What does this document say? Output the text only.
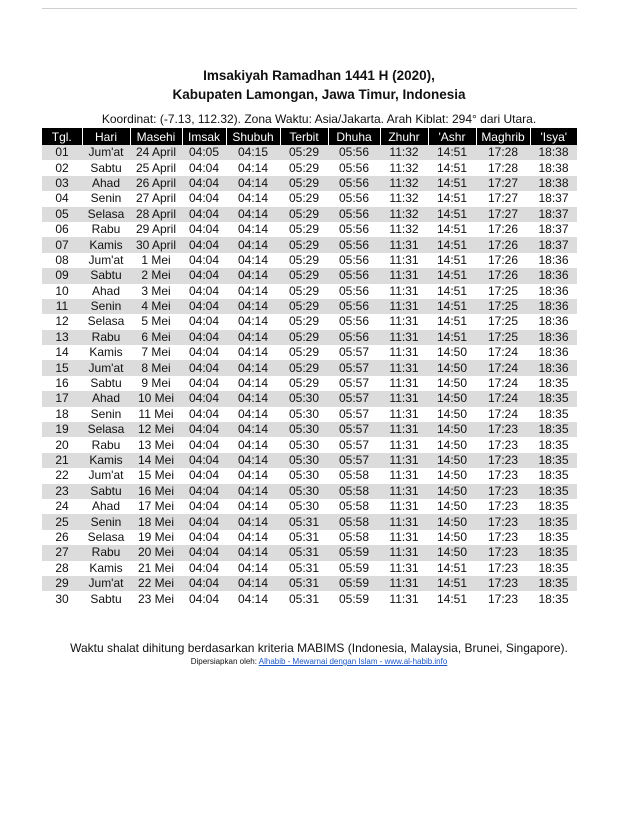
Imsakiyah Ramadhan 1441 H (2020),
Kabupaten Lamongan, Jawa Timur, Indonesia
Koordinat: (-7.13, 112.32). Zona Waktu: Asia/Jakarta. Arah Kiblat: 294° dari Utara.
Tgl.	Hari	Masehi	Imsak	Shubuh	Terbit	Dhuha	Zhuhr	'Ashr	Maghrib	'Isya'
01	Jum'at	24 April	04:05	04:15	05:29	05:56	11:32	14:51	17:28	18:38
02	Sabtu	25 April	04:04	04:14	05:29	05:56	11:32	14:51	17:28	18:38
03	Ahad	26 April	04:04	04:14	05:29	05:56	11:32	14:51	17:27	18:38
04	Senin	27 April	04:04	04:14	05:29	05:56	11:32	14:51	17:27	18:37
05	Selasa	28 April	04:04	04:14	05:29	05:56	11:32	14:51	17:27	18:37
06	Rabu	29 April	04:04	04:14	05:29	05:56	11:32	14:51	17:26	18:37
07	Kamis	30 April	04:04	04:14	05:29	05:56	11:31	14:51	17:26	18:37
08	Jum'at	1 Mei	04:04	04:14	05:29	05:56	11:31	14:51	17:26	18:36
09	Sabtu	2 Mei	04:04	04:14	05:29	05:56	11:31	14:51	17:26	18:36
10	Ahad	3 Mei	04:04	04:14	05:29	05:56	11:31	14:51	17:25	18:36
11	Senin	4 Mei	04:04	04:14	05:29	05:56	11:31	14:51	17:25	18:36
12	Selasa	5 Mei	04:04	04:14	05:29	05:56	11:31	14:51	17:25	18:36
13	Rabu	6 Mei	04:04	04:14	05:29	05:56	11:31	14:51	17:25	18:36
14	Kamis	7 Mei	04:04	04:14	05:29	05:57	11:31	14:50	17:24	18:36
15	Jum'at	8 Mei	04:04	04:14	05:29	05:57	11:31	14:50	17:24	18:36
16	Sabtu	9 Mei	04:04	04:14	05:29	05:57	11:31	14:50	17:24	18:35
17	Ahad	10 Mei	04:04	04:14	05:30	05:57	11:31	14:50	17:24	18:35
18	Senin	11 Mei	04:04	04:14	05:30	05:57	11:31	14:50	17:24	18:35
19	Selasa	12 Mei	04:04	04:14	05:30	05:57	11:31	14:50	17:23	18:35
20	Rabu	13 Mei	04:04	04:14	05:30	05:57	11:31	14:50	17:23	18:35
21	Kamis	14 Mei	04:04	04:14	05:30	05:57	11:31	14:50	17:23	18:35
22	Jum'at	15 Mei	04:04	04:14	05:30	05:58	11:31	14:50	17:23	18:35
23	Sabtu	16 Mei	04:04	04:14	05:30	05:58	11:31	14:50	17:23	18:35
24	Ahad	17 Mei	04:04	04:14	05:30	05:58	11:31	14:50	17:23	18:35
25	Senin	18 Mei	04:04	04:14	05:31	05:58	11:31	14:50	17:23	18:35
26	Selasa	19 Mei	04:04	04:14	05:31	05:58	11:31	14:50	17:23	18:35
27	Rabu	20 Mei	04:04	04:14	05:31	05:59	11:31	14:50	17:23	18:35
28	Kamis	21 Mei	04:04	04:14	05:31	05:59	11:31	14:51	17:23	18:35
29	Jum'at	22 Mei	04:04	04:14	05:31	05:59	11:31	14:51	17:23	18:35
30	Sabtu	23 Mei	04:04	04:14	05:31	05:59	11:31	14:51	17:23	18:35
Waktu shalat dihitung berdasarkan kriteria MABIMS (Indonesia, Malaysia, Brunei, Singapore).
Dipersiapkan oleh: Alhabib - Mewarnai dengan Islam - www.al-habib.info
